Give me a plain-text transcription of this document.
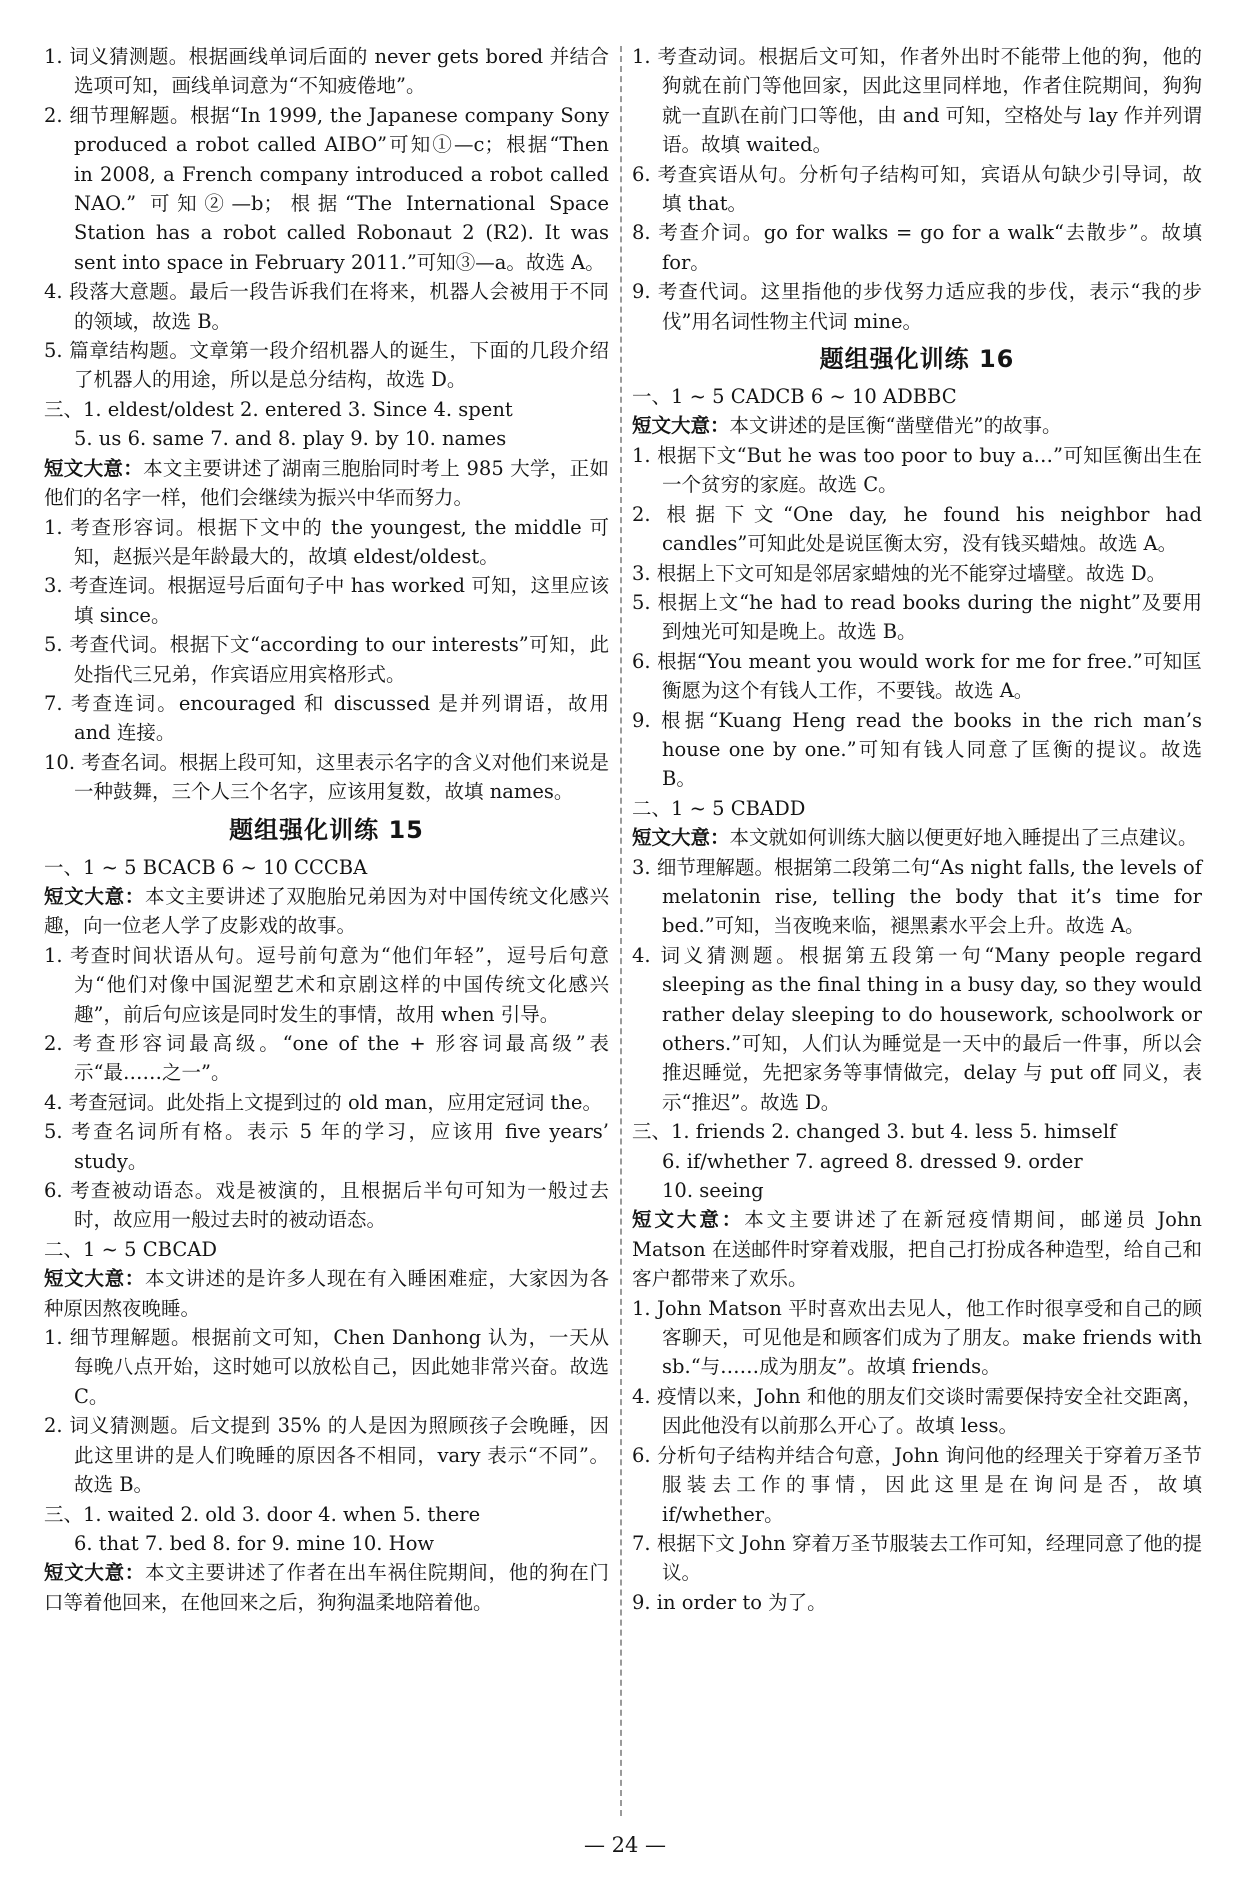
1. 词义猜测题。根据画线单词后面的 never gets bored 并结合选项可知，画线单词意为“不知疲倦地”。

2. 细节理解题。根据“In 1999, the Japanese company Sony produced a robot called AIBO”可知①—c；根据“Then in 2008, a French company introduced a robot called NAO.” 可知②—b；根据“The International Space Station has a robot called Robonaut 2 (R2). It was sent into space in February 2011.”可知③—a。故选 A。

4. 段落大意题。最后一段告诉我们在将来，机器人会被用于不同的领域，故选 B。

5. 篇章结构题。文章第一段介绍机器人的诞生，下面的几段介绍了机器人的用途，所以是总分结构，故选 D。

三、1. eldest/oldest 2. entered 3. Since 4. spent

5. us 6. same 7. and 8. play 9. by 10. names

短文大意：本文主要讲述了湖南三胞胎同时考上 985 大学，正如他们的名字一样，他们会继续为振兴中华而努力。

1. 考查形容词。根据下文中的 the youngest, the middle 可知，赵振兴是年龄最大的，故填 eldest/oldest。

3. 考查连词。根据逗号后面句子中 has worked 可知，这里应该填 since。

5. 考查代词。根据下文“according to our interests”可知，此处指代三兄弟，作宾语应用宾格形式。

7. 考查连词。encouraged 和 discussed 是并列谓语，故用 and 连接。

10. 考查名词。根据上段可知，这里表示名字的含义对他们来说是一种鼓舞，三个人三个名字，应该用复数，故填 names。

题组强化训练 15

一、1 ~ 5 BCACB 6 ~ 10 CCCBA

短文大意：本文主要讲述了双胞胎兄弟因为对中国传统文化感兴趣，向一位老人学了皮影戏的故事。

1. 考查时间状语从句。逗号前句意为“他们年轻”，逗号后句意为“他们对像中国泥塑艺术和京剧这样的中国传统文化感兴趣”，前后句应该是同时发生的事情，故用 when 引导。

2. 考查形容词最高级。“one of the + 形容词最高级”表示“最……之一”。

4. 考查冠词。此处指上文提到过的 old man，应用定冠词 the。

5. 考查名词所有格。表示 5 年的学习，应该用 five years’ study。

6. 考查被动语态。戏是被演的，且根据后半句可知为一般过去时，故应用一般过去时的被动语态。

二、1 ~ 5 CBCAD

短文大意：本文讲述的是许多人现在有入睡困难症，大家因为各种原因熬夜晚睡。

1. 细节理解题。根据前文可知，Chen Danhong 认为，一天从每晚八点开始，这时她可以放松自己，因此她非常兴奋。故选 C。

2. 词义猜测题。后文提到 35% 的人是因为照顾孩子会晚睡，因此这里讲的是人们晚睡的原因各不相同，vary 表示“不同”。故选 B。

三、1. waited 2. old 3. door 4. when 5. there

6. that 7. bed 8. for 9. mine 10. How

短文大意：本文主要讲述了作者在出车祸住院期间，他的狗在门口等着他回来，在他回来之后，狗狗温柔地陪着他。

1. 考查动词。根据后文可知，作者外出时不能带上他的狗，他的狗就在前门等他回家，因此这里同样地，作者住院期间，狗狗就一直趴在前门口等他，由 and 可知，空格处与 lay 作并列谓语。故填 waited。

6. 考查宾语从句。分析句子结构可知，宾语从句缺少引导词，故填 that。

8. 考查介词。go for walks = go for a walk“去散步”。故填 for。

9. 考查代词。这里指他的步伐努力适应我的步伐，表示“我的步伐”用名词性物主代词 mine。

题组强化训练 16

一、1 ~ 5 CADCB 6 ~ 10 ADBBC

短文大意：本文讲述的是匡衡“凿壁借光”的故事。

1. 根据下文“But he was too poor to buy a…”可知匡衡出生在一个贫穷的家庭。故选 C。

2. 根据下文“One day, he found his neighbor had candles”可知此处是说匡衡太穷，没有钱买蜡烛。故选 A。

3. 根据上下文可知是邻居家蜡烛的光不能穿过墙壁。故选 D。

5. 根据上文“he had to read books during the night”及要用到烛光可知是晚上。故选 B。

6. 根据“You meant you would work for me for free.”可知匡衡愿为这个有钱人工作，不要钱。故选 A。

9. 根据“Kuang Heng read the books in the rich man’s house one by one.”可知有钱人同意了匡衡的提议。故选 B。

二、1 ~ 5 CBADD

短文大意：本文就如何训练大脑以便更好地入睡提出了三点建议。

3. 细节理解题。根据第二段第二句“As night falls, the levels of melatonin rise, telling the body that it’s time for bed.”可知，当夜晚来临，褪黑素水平会上升。故选 A。

4. 词义猜测题。根据第五段第一句“Many people regard sleeping as the final thing in a busy day, so they would rather delay sleeping to do housework, schoolwork or others.”可知，人们认为睡觉是一天中的最后一件事，所以会推迟睡觉，先把家务等事情做完，delay 与 put off 同义，表示“推迟”。故选 D。

三、1. friends 2. changed 3. but 4. less 5. himself

6. if/whether 7. agreed 8. dressed 9. order

10. seeing

短文大意：本文主要讲述了在新冠疫情期间，邮递员 John Matson 在送邮件时穿着戏服，把自己打扮成各种造型，给自己和客户都带来了欢乐。

1. John Matson 平时喜欢出去见人，他工作时很享受和自己的顾客聊天，可见他是和顾客们成为了朋友。make friends with sb.“与……成为朋友”。故填 friends。

4. 疫情以来，John 和他的朋友们交谈时需要保持安全社交距离，因此他没有以前那么开心了。故填 less。

6. 分析句子结构并结合句意，John 询问他的经理关于穿着万圣节服装去工作的事情，因此这里是在询问是否，故填 if/whether。

7. 根据下文 John 穿着万圣节服装去工作可知，经理同意了他的提议。

9. in order to 为了。

— 24 —
